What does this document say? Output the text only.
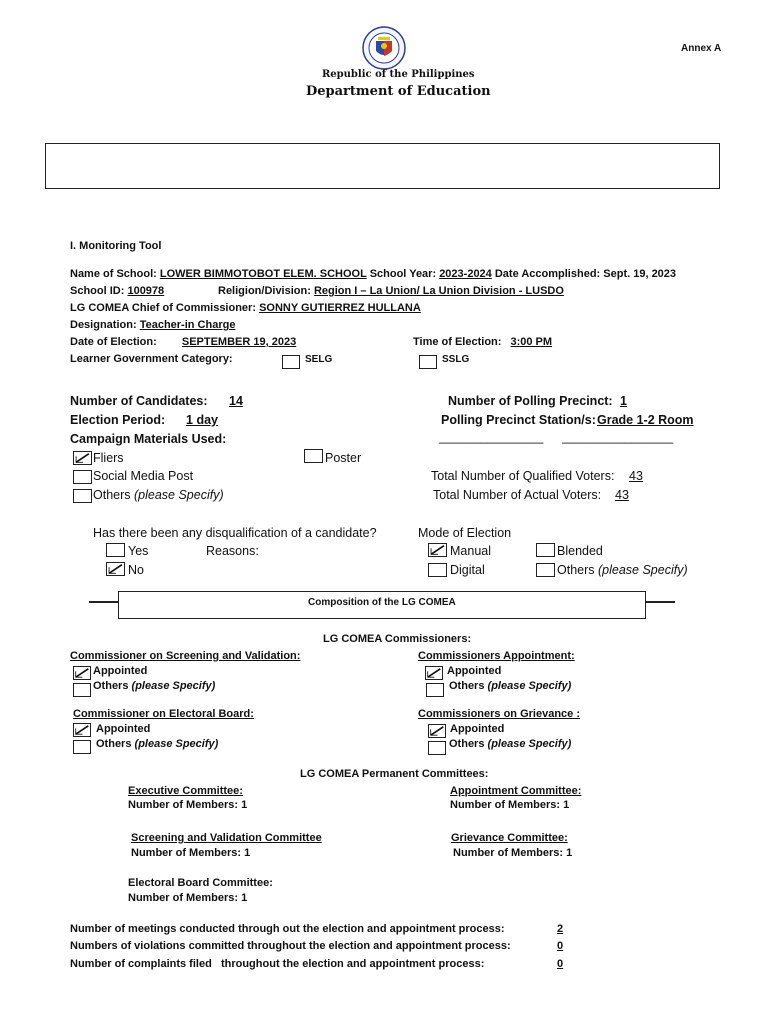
Annex A
Republic of the Philippines
Department of Education
I. Monitoring Tool
Name of School: LOWER BIMMOTOBOT ELEM. SCHOOL School Year: 2023-2024 Date Accomplished: Sept. 19, 2023
School ID: 100978	Religion/Division: Region I – La Union/ La Union Division - LUSDO
LG COMEA Chief of Commissioner: SONNY GUTIERREZ HULLANA
Designation: Teacher-in Charge
Date of Election: SEPTEMBER 19, 2023	Time of Election: 3:00 PM
Learner Government Category:	SELG	SSLG
Number of Candidates:	14
Election Period:	1 day
Campaign Materials Used:
Fliers	Poster
Social Media Post
Others (please Specify)
Number of Polling Precinct: 1
Polling Precinct Station/s: Grade 1-2 Room
_______________ ________________
Total Number of Qualified Voters: 43
Total Number of Actual Voters: 43
Has there been any disqualification of a candidate?
Yes	Reasons:
No
Mode of Election
Manual	Blended
Digital	Others (please Specify)
Composition of the LG COMEA
LG COMEA Commissioners:
Commissioner on Screening and Validation:
Appointed
Others (please Specify)
Commissioners Appointment:
Appointed
Others (please Specify)
Commissioner on Electoral Board:
Appointed
Others (please Specify)
Commissioners on Grievance :
Appointed
Others (please Specify)
LG COMEA Permanent Committees:
Executive Committee:
Number of Members: 1
Appointment Committee:
Number of Members: 1
Screening and Validation Committee
Number of Members: 1
Grievance Committee:
Number of Members: 1
Electoral Board Committee:
Number of Members: 1
Number of meetings conducted through out the election and appointment process:	2
Numbers of violations committed throughout the election and appointment process:	0
Number of complaints filed   throughout the election and appointment process:	0
